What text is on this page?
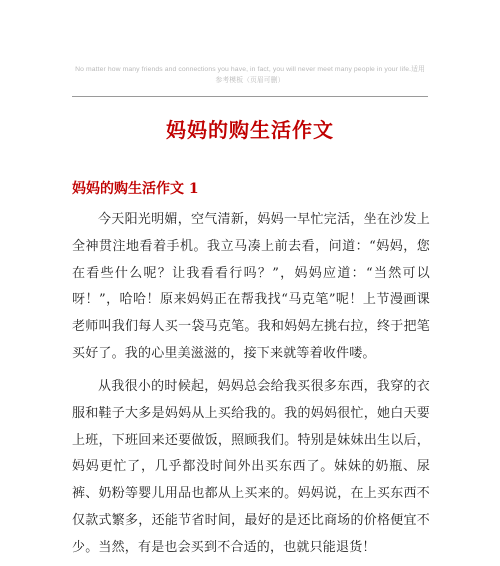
No matter how many friends and connections you have, in fact, you will never meet many people in your life.适用参考模板（页眉可删）
妈妈的购生活作文
妈妈的购生活作文 1

今天阳光明媚，空气清新，妈妈一早忙完活，坐在沙发上全神贯注地看着手机。我立马凑上前去看，问道：“妈妈，您在看些什么呢？让我看看行吗？”，妈妈应道：“当然可以呀！”，哈哈！原来妈妈正在帮我找“马克笔”呢！上节漫画课老师叫我们每人买一袋马克笔。我和妈妈左挑右拉，终于把笔买好了。我的心里美滋滋的，接下来就等着收件喽。

从我很小的时候起，妈妈总会给我买很多东西，我穿的衣服和鞋子大多是妈妈从上买给我的。我的妈妈很忙，她白天要上班，下班回来还要做饭，照顾我们。特别是妹妹出生以后，妈妈更忙了，几乎都没时间外出买东西了。妹妹的奶瓶、尿裤、奶粉等婴儿用品也都从上买来的。妈妈说，在上买东西不仅款式繁多，还能节省时间，最好的是还比商场的价格便宜不少。当然，有是也会买到不合适的，也就只能退货！
